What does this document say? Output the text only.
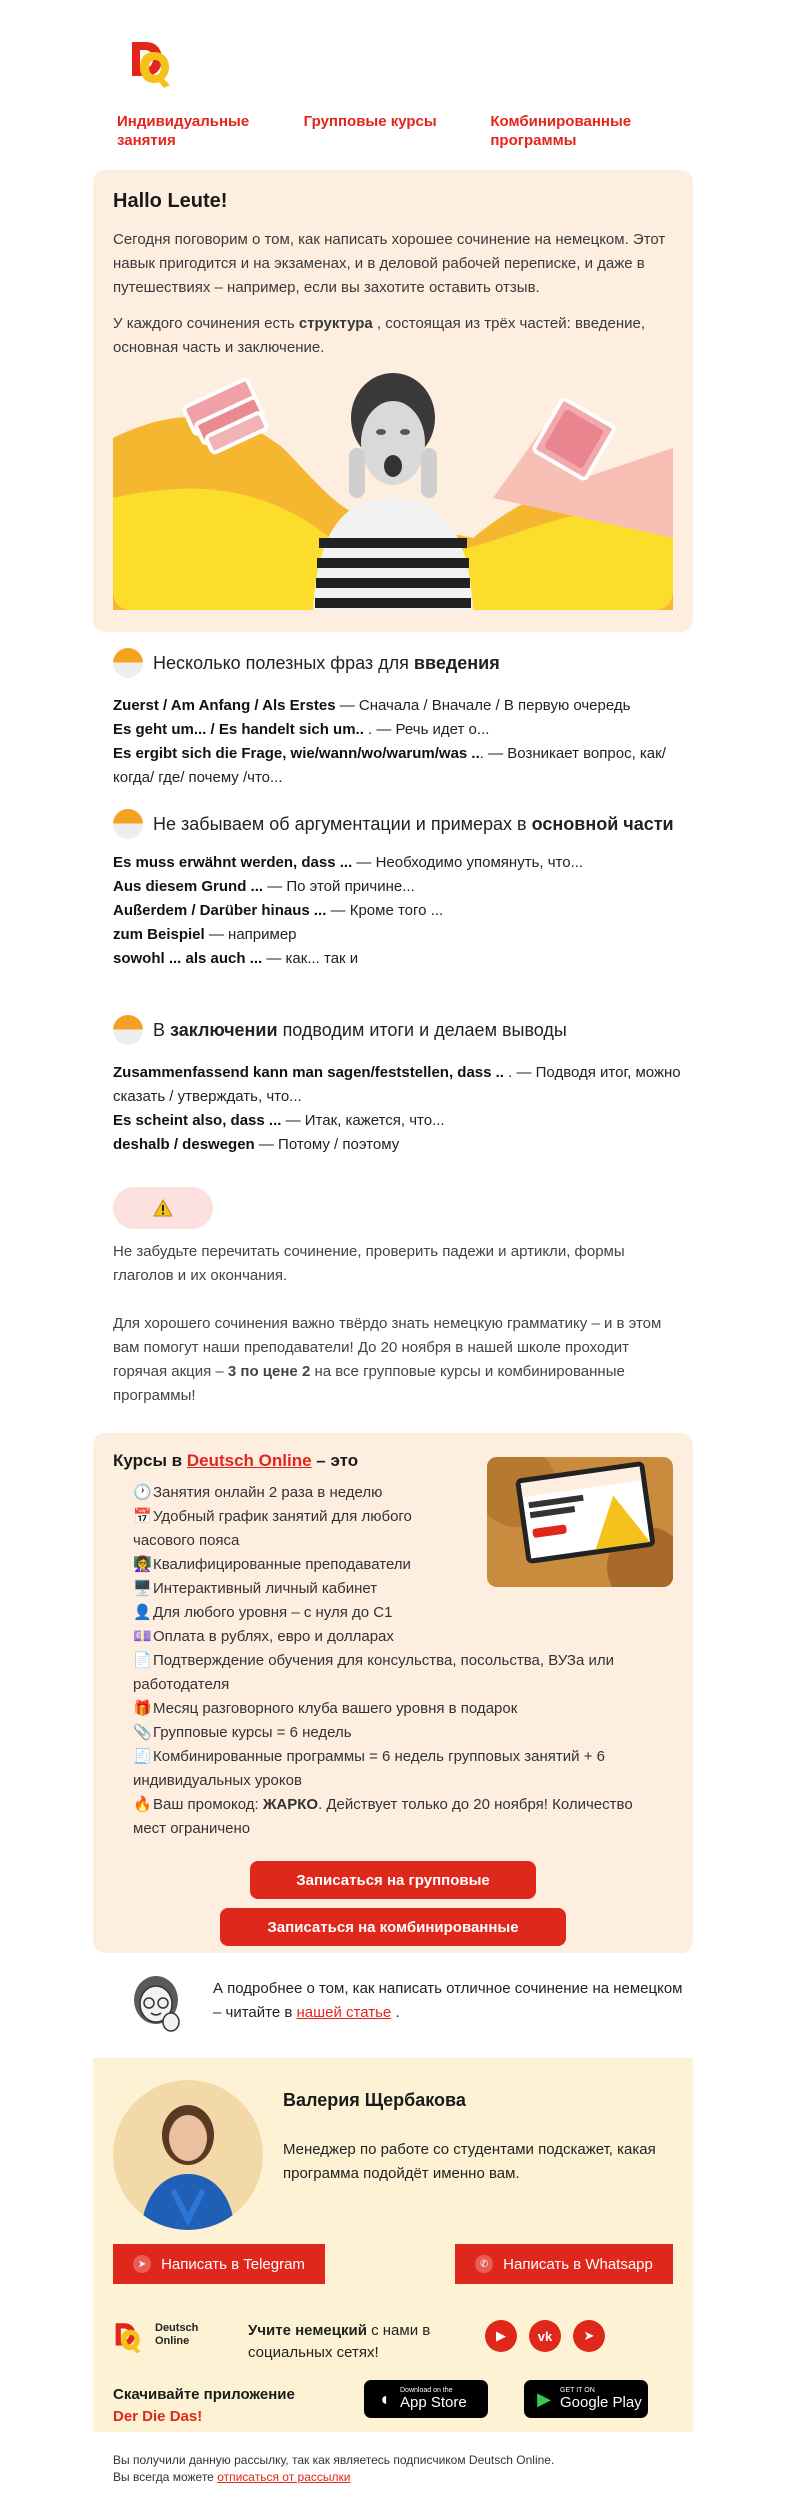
Индивидуальные
занятия
Групповые курсы	Комбинированные
программы
Hallo Leute!
Сегодня поговорим о том, как написать хорошее сочинение на немецком. Этот навык пригодится и на экзаменах, и в деловой рабочей переписке, и даже в путешествиях – например, если вы захотите оставить отзыв.
У каждого сочинения есть структура , состоящая из трёх частей: введение, основная часть и заключение.
Несколько полезных фраз для введения
Zuerst / Am Anfang / Als Erstes — Сначала / Вначале / В первую очередь
Es geht um... / Es handelt sich um.. . — Речь идет о...
Es ergibt sich die Frage, wie/wann/wo/warum/was ... — Возникает вопрос, как/ когда/ где/ почему /что...
Не забываем об аргументации и примерах в основной части
Es muss erwähnt werden, dass ... — Необходимо упомянуть, что...
Aus diesem Grund ... — По этой причине...
Außerdem / Darüber hinaus ... — Кроме того ...
zum Beispiel — например
sowohl ... als auch ... — как... так и
В заключении подводим итоги и делаем выводы
Zusammenfassend kann man sagen/feststellen, dass .. . — Подводя итог, можно сказать / утверждать, что...
Es scheint also, dass ... — Итак, кажется, что...
deshalb / deswegen — Потому / поэтому
Не забудьте перечитать сочинение, проверить падежи и артикли, формы глаголов и их окончания.
Для хорошего сочинения важно твёрдо знать немецкую грамматику – и в этом вам помогут наши преподаватели! До 20 ноября в нашей школе проходит горячая акция – 3 по цене 2 на все групповые курсы и комбинированные программы!
Курсы в Deutsch Online – это
🕐Занятия онлайн 2 раза в неделю
📅Удобный график занятий для любого часового пояса
👩‍🏫Квалифицированные преподаватели
🖥️Интерактивный личный кабинет
👤Для любого уровня – с нуля до C1
💷Оплата в рублях, евро и долларах
📄Подтверждение обучения для консульства, посольства, ВУЗа или работодателя
🎁Месяц разговорного клуба вашего уровня в подарок
📎Групповые курсы = 6 недель
🧾Комбинированные программы = 6 недель групповых занятий + 6 индивидуальных уроков
🔥Ваш промокод: ЖАРКО. Действует только до 20 ноября! Количество мест ограничено
Записаться на групповые
Записаться на комбинированные

А подробнее о том, как написать отличное сочинение на немецком – читайте в нашей статье .

Валерия Щербакова
Менеджер по работе со студентами подскажет, какая программа подойдёт именно вам.
➤ Написать в Telegram	✆ Написать в Whatsapp
Deutsch
Online
Учите немецкий с нами в социальных сетях!
▶	vk	➤
Скачивайте приложение
Der Die Das!
◖	Download on the
App Store	▶	GET IT ON
Google Play
Вы получили данную рассылку, так как являетесь подписчиком Deutsch Online.
Вы всегда можете отписаться от рассылки
